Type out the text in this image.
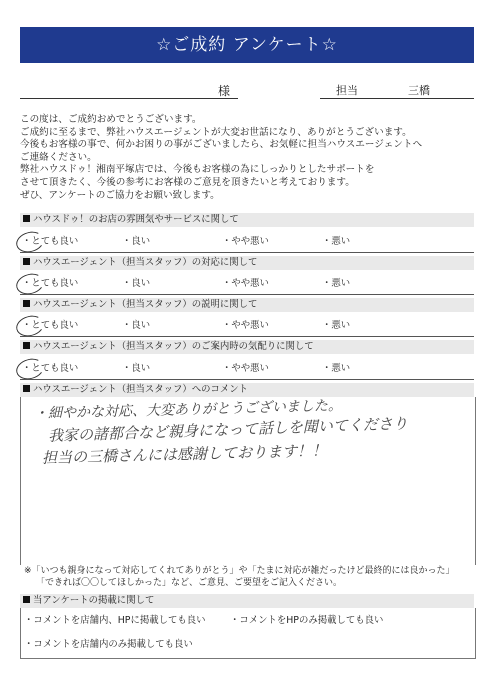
☆ご成約 アンケート☆
様	担当	三橋
この度は、ご成約おめでとうございます。
ご成約に至るまで、弊社ハウスエージェントが大変お世話になり、ありがとうございます。
今後もお客様の事で、何かお困りの事がございましたら、お気軽に担当ハウスエージェントへ
ご連絡ください。
弊社ハウスドゥ！湘南平塚店では、今後もお客様の為にしっかりとしたサポートを
させて頂きたく、今後の参考にお客様のご意見を頂きたいと考えております。
ぜひ、アンケートのご協力をお願い致します。
ハウスドゥ！のお店の雰囲気やサービスに関して
・とても良い	・良い	・やや悪い	・悪い
ハウスエージェント（担当スタッフ）の対応に関して
・とても良い	・良い	・やや悪い	・悪い
ハウスエージェント（担当スタッフ）の説明に関して
・とても良い	・良い	・やや悪い	・悪い
ハウスエージェント（担当スタッフ）のご案内時の気配りに関して
・とても良い	・良い	・やや悪い	・悪い
ハウスエージェント（担当スタッフ）へのコメント
・細やかな対応、大変ありがとうございました。
我家の諸都合など親身になって話しを聞いてくださり
担当の三橋さんには感謝しております！！
※「いつも親身になって対応してくれてありがとう」や「たまに対応が雑だったけど最終的には良かった」
「できれば〇〇してほしかった」など、ご意見、ご要望をご記入ください。
当アンケートの掲載に関して
・コメントを店舗内、HPに掲載しても良い	・コメントをHPのみ掲載しても良い
・コメントを店舗内のみ掲載しても良い
